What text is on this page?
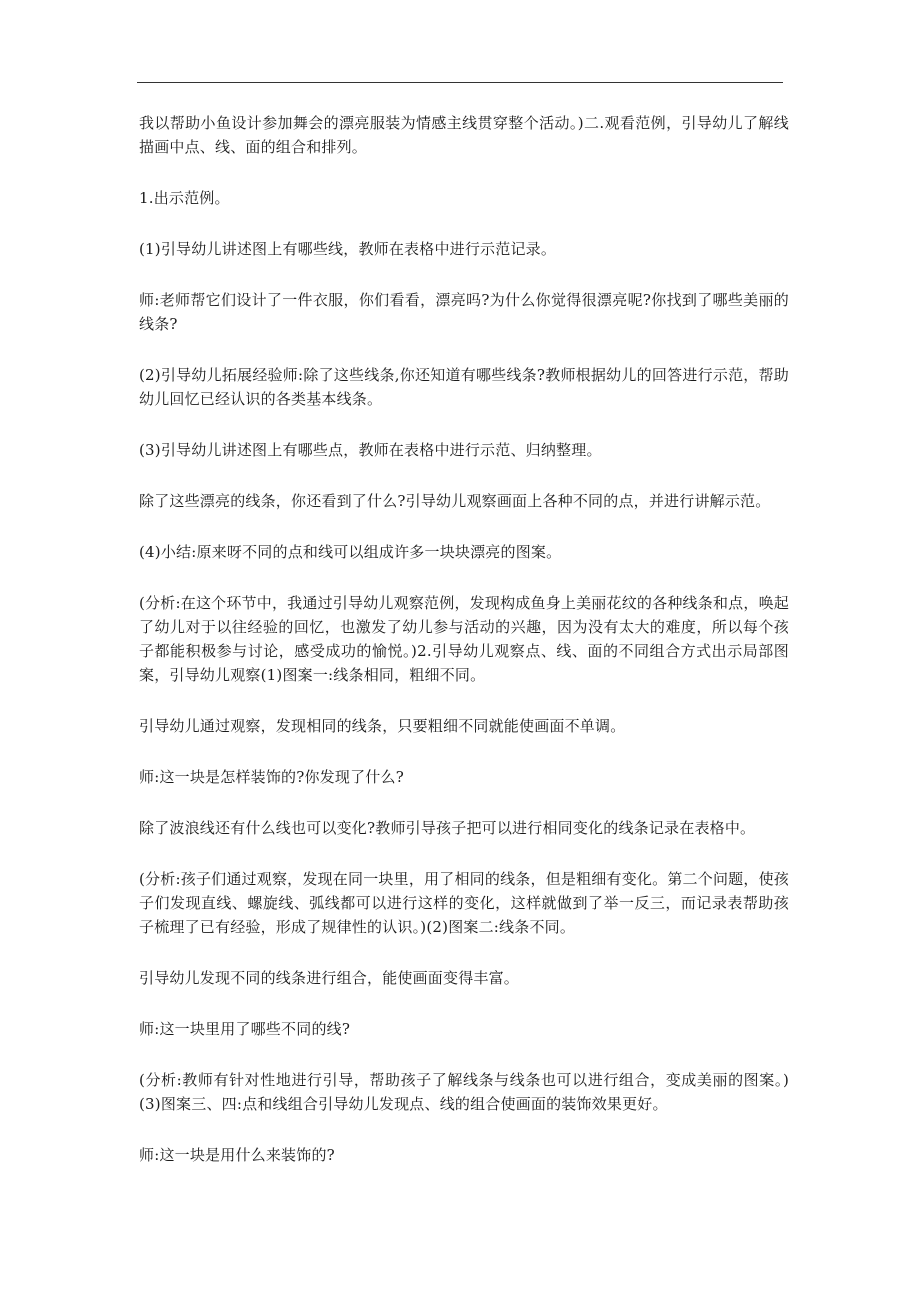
我以帮助小鱼设计参加舞会的漂亮服装为情感主线贯穿整个活动。)二.观看范例，引导幼儿了解线描画中点、线、面的组合和排列。

1.出示范例。

(1)引导幼儿讲述图上有哪些线，教师在表格中进行示范记录。

师:老师帮它们设计了一件衣服，你们看看，漂亮吗?为什么你觉得很漂亮呢?你找到了哪些美丽的线条?

(2)引导幼儿拓展经验师:除了这些线条,你还知道有哪些线条?教师根据幼儿的回答进行示范，帮助幼儿回忆已经认识的各类基本线条。

(3)引导幼儿讲述图上有哪些点，教师在表格中进行示范、归纳整理。

除了这些漂亮的线条，你还看到了什么?引导幼儿观察画面上各种不同的点，并进行讲解示范。

(4)小结:原来呀不同的点和线可以组成许多一块块漂亮的图案。

(分析:在这个环节中，我通过引导幼儿观察范例，发现构成鱼身上美丽花纹的各种线条和点，唤起了幼儿对于以往经验的回忆，也激发了幼儿参与活动的兴趣，因为没有太大的难度，所以每个孩子都能积极参与讨论，感受成功的愉悦。)2.引导幼儿观察点、线、面的不同组合方式出示局部图案，引导幼儿观察(1)图案一:线条相同，粗细不同。

引导幼儿通过观察，发现相同的线条，只要粗细不同就能使画面不单调。

师:这一块是怎样装饰的?你发现了什么?

除了波浪线还有什么线也可以变化?教师引导孩子把可以进行相同变化的线条记录在表格中。

(分析:孩子们通过观察，发现在同一块里，用了相同的线条，但是粗细有变化。第二个问题，使孩子们发现直线、螺旋线、弧线都可以进行这样的变化，这样就做到了举一反三，而记录表帮助孩子梳理了已有经验，形成了规律性的认识。)(2)图案二:线条不同。

引导幼儿发现不同的线条进行组合，能使画面变得丰富。

师:这一块里用了哪些不同的线?

(分析:教师有针对性地进行引导，帮助孩子了解线条与线条也可以进行组合，变成美丽的图案。)(3)图案三、四:点和线组合引导幼儿发现点、线的组合使画面的装饰效果更好。

师:这一块是用什么来装饰的?
